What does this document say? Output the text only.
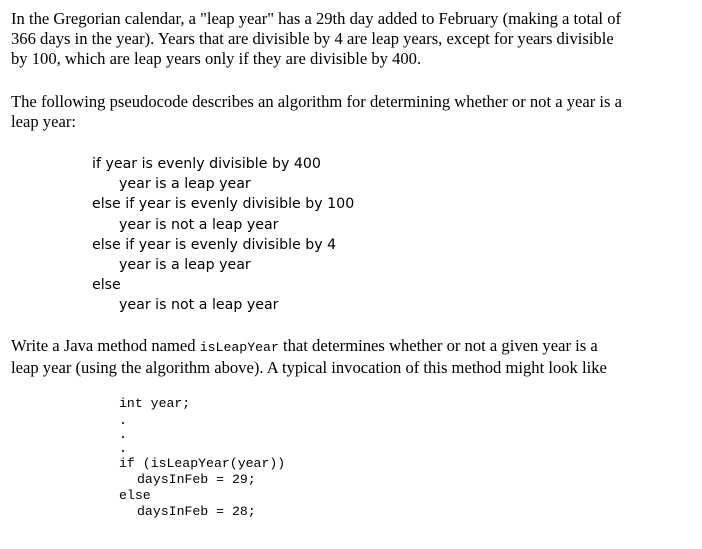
In the Gregorian calendar, a "leap year" has a 29th day added to February (making a total of
366 days in the year). Years that are divisible by 4 are leap years, except for years divisible
by 100, which are leap years only if they are divisible by 400.

The following pseudocode describes an algorithm for determining whether or not a year is a
leap year:

if year is evenly divisible by 400
year is a leap year
else if year is evenly divisible by 100
year is not a leap year
else if year is evenly divisible by 4
year is a leap year
else
year is not a leap year

Write a Java method named isLeapYear that determines whether or not a given year is a
leap year (using the algorithm above). A typical invocation of this method might look like

int year;
if (isLeapYear(year))
daysInFeb = 29;
else
daysInFeb = 28;
